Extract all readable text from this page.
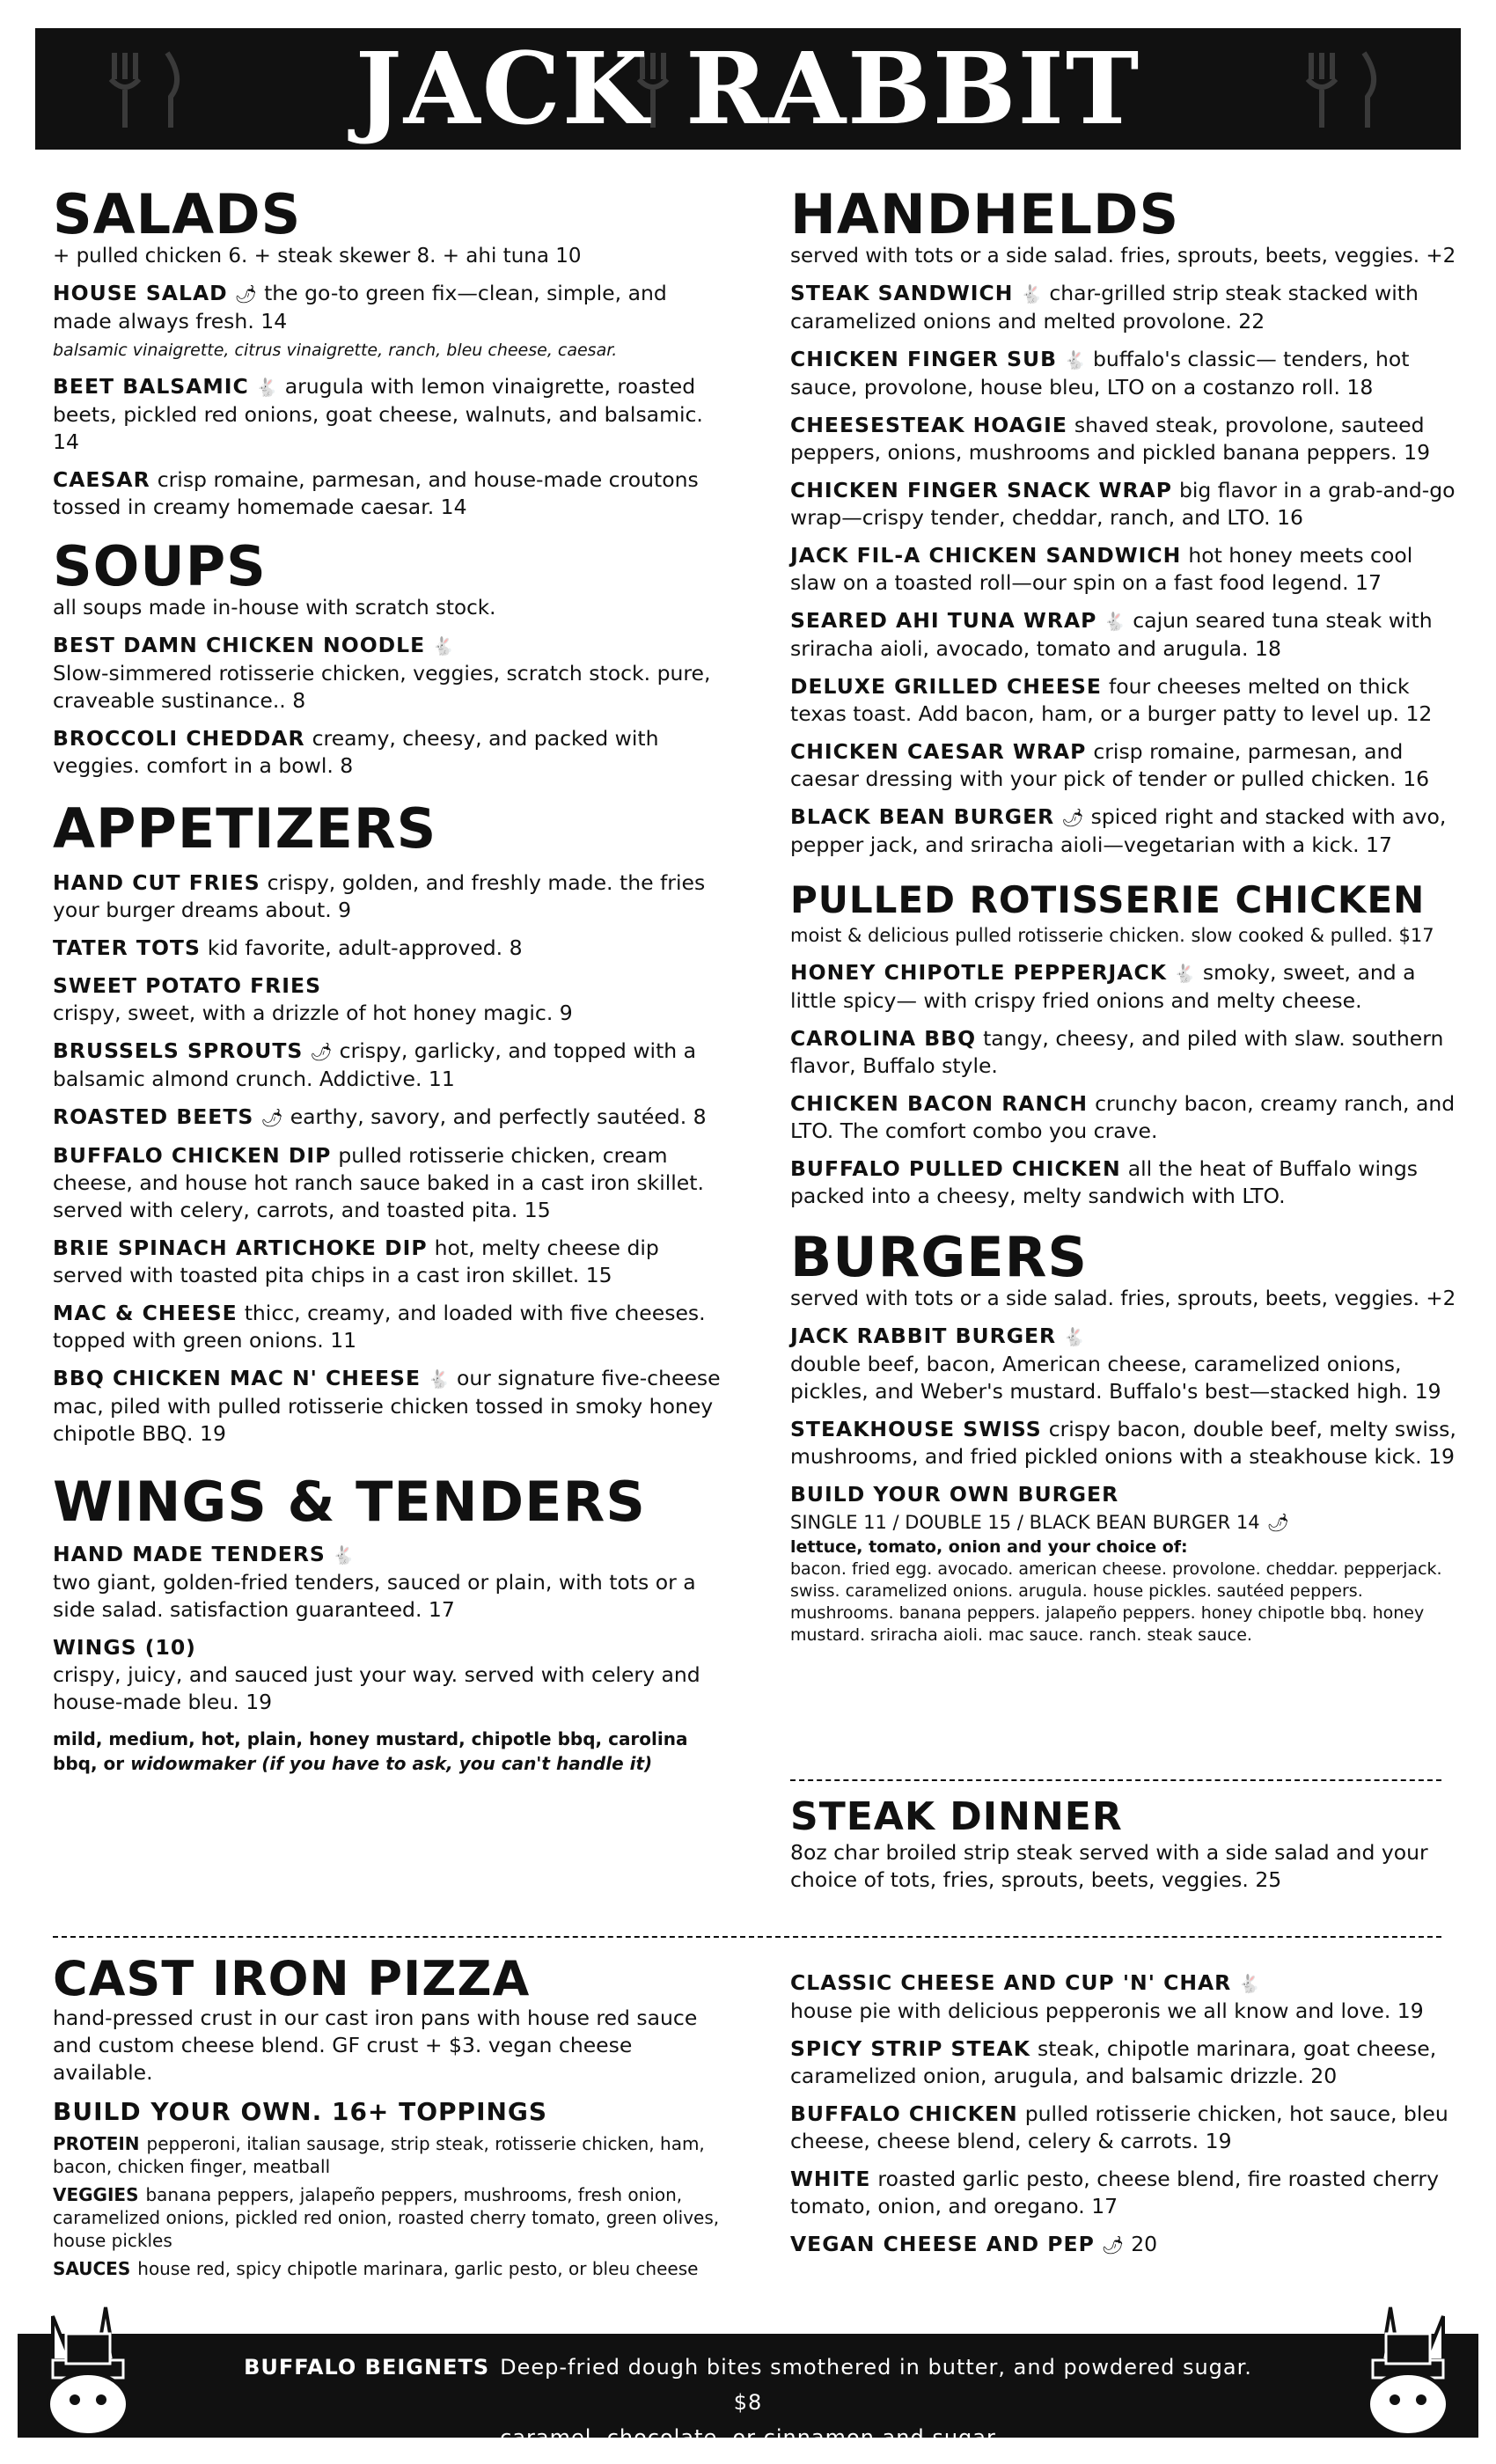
JACK RABBIT
SALADS

+ pulled chicken 6. + steak skewer 8. + ahi tuna 10

HOUSE SALAD 🌶 the go-to green fix—clean, simple, and made always fresh. 14
balsamic vinaigrette, citrus vinaigrette, ranch, bleu cheese, caesar.
BEET BALSAMIC 🐇 arugula with lemon vinaigrette, roasted beets, pickled red onions, goat cheese, walnuts, and balsamic. 14
CAESAR crisp romaine, parmesan, and house-made croutons tossed in creamy homemade caesar. 14
SOUPS

all soups made in-house with scratch stock.

BEST DAMN CHICKEN NOODLE 🐇
Slow-simmered rotisserie chicken, veggies, scratch stock. pure, craveable sustinance.. 8
BROCCOLI CHEDDAR creamy, cheesy, and packed with veggies. comfort in a bowl. 8
APPETIZERS
HAND CUT FRIES crispy, golden, and freshly made. the fries your burger dreams about. 9
TATER TOTS kid favorite, adult-approved. 8
SWEET POTATO FRIES
crispy, sweet, with a drizzle of hot honey magic. 9
BRUSSELS SPROUTS 🌶 crispy, garlicky, and topped with a balsamic almond crunch. Addictive. 11
ROASTED BEETS 🌶 earthy, savory, and perfectly sautéed. 8
BUFFALO CHICKEN DIP pulled rotisserie chicken, cream cheese, and house hot ranch sauce baked in a cast iron skillet. served with celery, carrots, and toasted pita. 15
BRIE SPINACH ARTICHOKE DIP hot, melty cheese dip served with toasted pita chips in a cast iron skillet. 15
MAC & CHEESE thicc, creamy, and loaded with five cheeses. topped with green onions. 11
BBQ CHICKEN MAC N' CHEESE 🐇 our signature five-cheese mac, piled with pulled rotisserie chicken tossed in smoky honey chipotle BBQ. 19
WINGS & TENDERS
HAND MADE TENDERS 🐇
two giant, golden-fried tenders, sauced or plain, with tots or a side salad. satisfaction guaranteed. 17
WINGS (10)
crispy, juicy, and sauced just your way. served with celery and house-made bleu. 19
mild, medium, hot, plain, honey mustard, chipotle bbq, carolina bbq, or widowmaker (if you have to ask, you can't handle it)
HANDHELDS

served with tots or a side salad. fries, sprouts, beets, veggies. +2

STEAK SANDWICH 🐇 char-grilled strip steak stacked with caramelized onions and melted provolone. 22
CHICKEN FINGER SUB 🐇 buffalo's classic— tenders, hot sauce, provolone, house bleu, LTO on a costanzo roll. 18
CHEESESTEAK HOAGIE shaved steak, provolone, sauteed peppers, onions, mushrooms and pickled banana peppers. 19
CHICKEN FINGER SNACK WRAP big flavor in a grab-and-go wrap—crispy tender, cheddar, ranch, and LTO. 16
JACK FIL-A CHICKEN SANDWICH hot honey meets cool slaw on a toasted roll—our spin on a fast food legend. 17
SEARED AHI TUNA WRAP 🐇 cajun seared tuna steak with sriracha aioli, avocado, tomato and arugula. 18
DELUXE GRILLED CHEESE four cheeses melted on thick texas toast. Add bacon, ham, or a burger patty to level up. 12
CHICKEN CAESAR WRAP crisp romaine, parmesan, and caesar dressing with your pick of tender or pulled chicken. 16
BLACK BEAN BURGER 🌶 spiced right and stacked with avo, pepper jack, and sriracha aioli—vegetarian with a kick. 17
PULLED ROTISSERIE CHICKEN

moist & delicious pulled rotisserie chicken. slow cooked & pulled. $17

HONEY CHIPOTLE PEPPERJACK 🐇 smoky, sweet, and a little spicy— with crispy fried onions and melty cheese.
CAROLINA BBQ tangy, cheesy, and piled with slaw. southern flavor, Buffalo style.
CHICKEN BACON RANCH crunchy bacon, creamy ranch, and LTO. The comfort combo you crave.
BUFFALO PULLED CHICKEN all the heat of Buffalo wings packed into a cheesy, melty sandwich with LTO.
BURGERS

served with tots or a side salad. fries, sprouts, beets, veggies. +2

JACK RABBIT BURGER 🐇
double beef, bacon, American cheese, caramelized onions, pickles, and Weber's mustard. Buffalo's best—stacked high. 19
STEAKHOUSE SWISS crispy bacon, double beef, melty swiss, mushrooms, and fried pickled onions with a steakhouse kick. 19
BUILD YOUR OWN BURGER
SINGLE 11 / DOUBLE 15 / BLACK BEAN BURGER 14 🌶
lettuce, tomato, onion and your choice of:
bacon. fried egg. avocado. american cheese. provolone. cheddar. pepperjack. swiss. caramelized onions. arugula. house pickles. sautéed peppers. mushrooms. banana peppers. jalapeño peppers. honey chipotle bbq. honey mustard. sriracha aioli. mac sauce. ranch. steak sauce.
STEAK DINNER
8oz char broiled strip steak served with a side salad and your choice of tots, fries, sprouts, beets, veggies. 25
CAST IRON PIZZA
hand-pressed crust in our cast iron pans with house red sauce and custom cheese blend. GF crust + $3. vegan cheese available.
BUILD YOUR OWN. 16+ TOPPINGS
PROTEIN pepperoni, italian sausage, strip steak, rotisserie chicken, ham, bacon, chicken finger, meatball
VEGGIES banana peppers, jalapeño peppers, mushrooms, fresh onion, caramelized onions, pickled red onion, roasted cherry tomato, green olives, house pickles
SAUCES house red, spicy chipotle marinara, garlic pesto, or bleu cheese
CLASSIC CHEESE AND CUP 'N' CHAR 🐇
house pie with delicious pepperonis we all know and love. 19
SPICY STRIP STEAK steak, chipotle marinara, goat cheese, caramelized onion, arugula, and balsamic drizzle. 20
BUFFALO CHICKEN pulled rotisserie chicken, hot sauce, bleu cheese, cheese blend, celery & carrots. 19
WHITE roasted garlic pesto, cheese blend, fire roasted cherry tomato, onion, and oregano. 17
VEGAN CHEESE AND PEP 🌶 20
BUFFALO BEIGNETS Deep-fried dough bites smothered in butter, and powdered sugar. $8
caramel, chocolate, or cinnamon and sugar
